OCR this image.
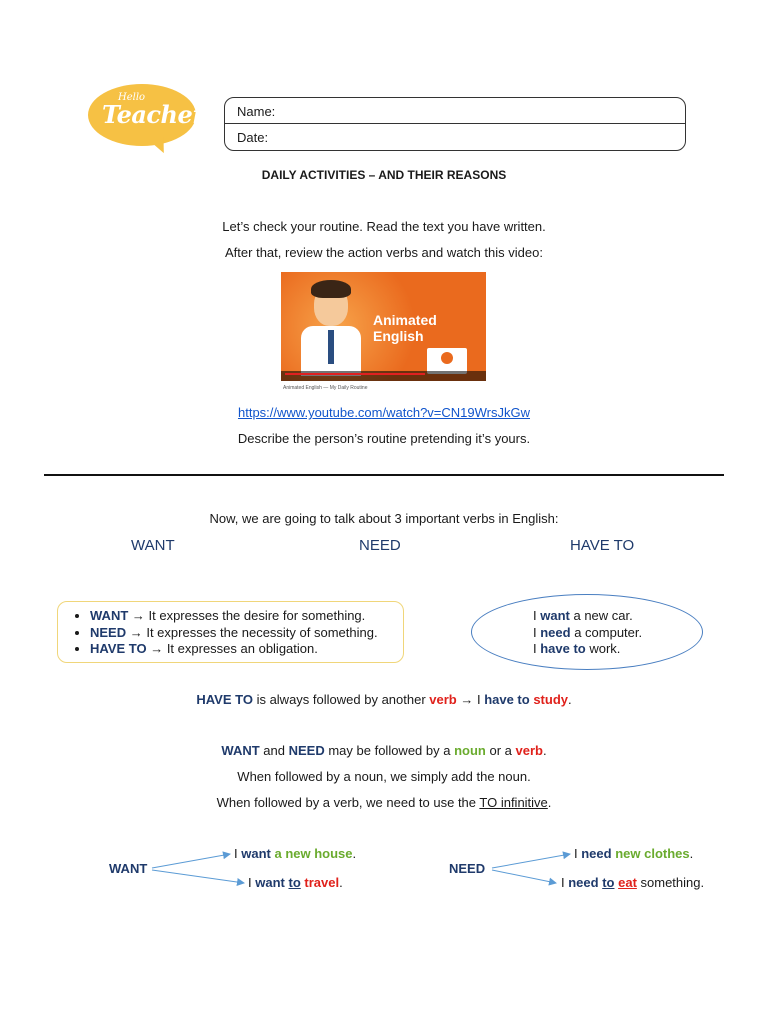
Hello
Teacher. Name:
Date:
DAILY ACTIVITIES – AND THEIR REASONS
Let’s check your routine. Read the text you have written.
After that, review the action verbs and watch this video:
Animated English
Animated English — My Daily Routine
https://www.youtube.com/watch?v=CN19WrsJkGw
Describe the person’s routine pretending it’s yours.
Now, we are going to talk about 3 important verbs in English:
WANT	NEED	HAVE TO
• WANT → It expresses the desire for something.
• NEED → It expresses the necessity of something.
• HAVE TO → It expresses an obligation.
I want a new car.
I need a computer.
I have to work.
HAVE TO is always followed by another verb → I have to study.
WANT and NEED may be followed by a noun or a verb.
When followed by a noun, we simply add the noun.
When followed by a verb, we need to use the TO infinitive.
WANT
I want a new house.
I want to travel.
NEED
I need new clothes.
I need to eat something.
